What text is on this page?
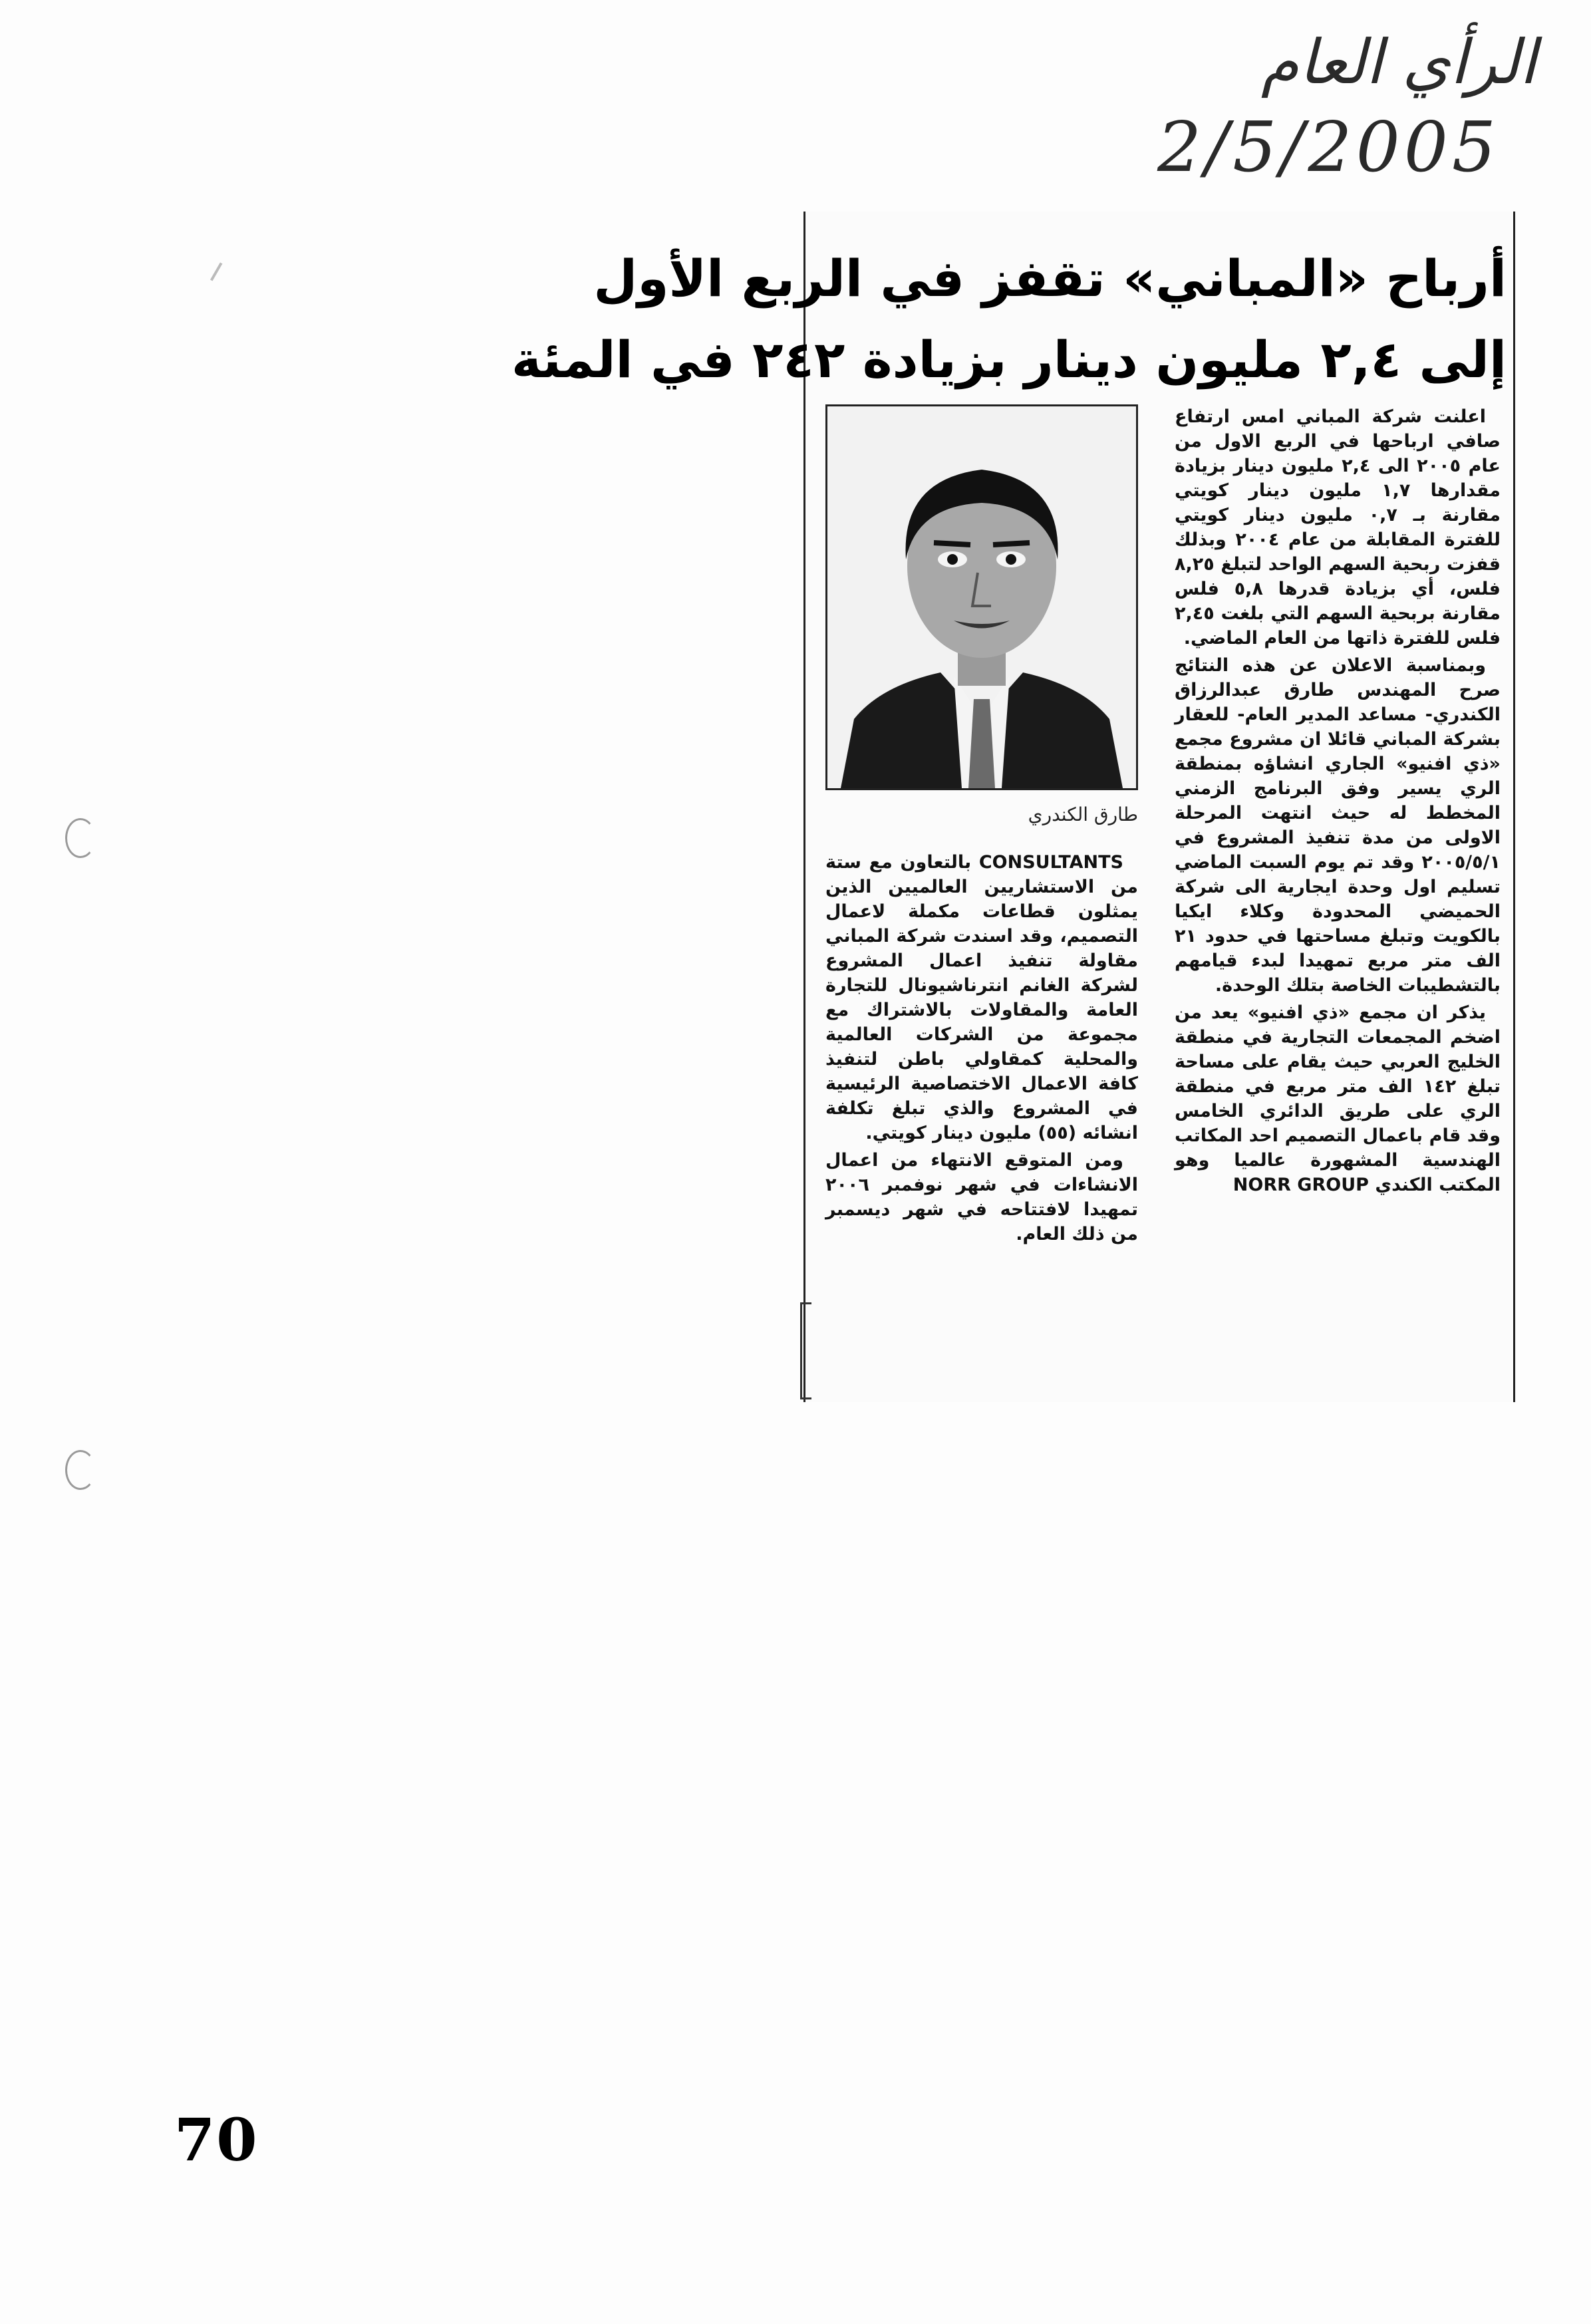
الرأي العام
2/5/2005
أرباح «المباني» تقفز في الربع الأول
إلى ٢,٤ مليون دينار بزيادة ٢٤٢ في المئة
طارق الكندري

اعلنت شركة المباني امس ارتفاع صافي ارباحها في الربع الاول من عام ٢٠٠٥ الى ٢,٤ مليون دينار بزيادة مقدارها ١,٧ مليون دينار كويتي مقارنة بـ ٠,٧ مليون دينار كويتي للفترة المقابلة من عام ٢٠٠٤ وبذلك قفزت ربحية السهم الواحد لتبلغ ٨,٢٥ فلس، أي بزيادة قدرها ٥,٨ فلس مقارنة بربحية السهم التي بلغت ٢,٤٥ فلس للفترة ذاتها من العام الماضي.

وبمناسبة الاعلان عن هذه النتائج صرح المهندس طارق عبدالرزاق الكندري- مساعد المدير العام- للعقار بشركة المباني قائلا ان مشروع مجمع «ذي افنيو» الجاري انشاؤه بمنطقة الري يسير وفق البرنامج الزمني المخطط له حيث انتهت المرحلة الاولى من مدة تنفيذ المشروع في ٢٠٠٥/٥/١ وقد تم يوم السبت الماضي تسليم اول وحدة ايجارية الى شركة الحميضي المحدودة وكلاء ايكيا بالكويت وتبلغ مساحتها في حدود ٢١ الف متر مربع تمهيدا لبدء قيامهم بالتشطيبات الخاصة بتلك الوحدة.

يذكر ان مجمع «ذي افنيو» يعد من اضخم المجمعات التجارية في منطقة الخليج العربي حيث يقام على مساحة تبلغ ١٤٢ الف متر مربع في منطقة الري على طريق الدائري الخامس وقد قام باعمال التصميم احد المكاتب الهندسية المشهورة عالميا وهو المكتب الكندي NORR GROUP

CONSULTANTS بالتعاون مع ستة من الاستشاريين العالميين الذين يمثلون قطاعات مكملة لاعمال التصميم، وقد اسندت شركة المباني مقاولة تنفيذ اعمال المشروع لشركة الغانم انترناشيونال للتجارة العامة والمقاولات بالاشتراك مع مجموعة من الشركات العالمية والمحلية كمقاولي باطن لتنفيذ كافة الاعمال الاختصاصية الرئيسية في المشروع والذي تبلغ تكلفة انشائه (٥٥) مليون دينار كويتي.

ومن المتوقع الانتهاء من اعمال الانشاءات في شهر نوفمبر ٢٠٠٦ تمهيدا لافتتاحه في شهر ديسمبر من ذلك العام.

70
